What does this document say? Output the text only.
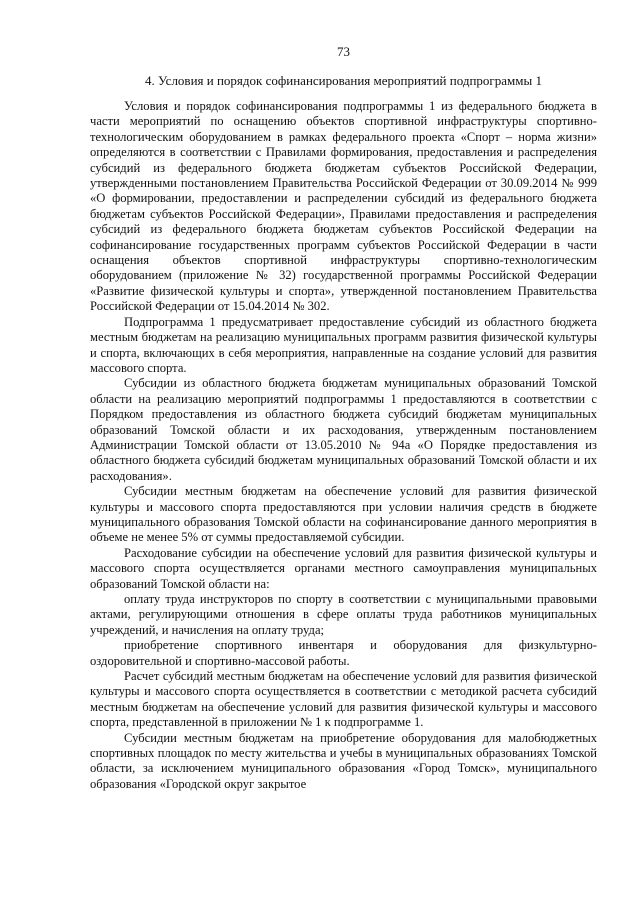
73
4. Условия и порядок софинансирования мероприятий подпрограммы 1

Условия и порядок софинансирования подпрограммы 1 из федерального бюджета в части мероприятий по оснащению объектов спортивной инфраструктуры спортивно-технологическим оборудованием в рамках федерального проекта «Спорт – норма жизни» определяются в соответствии с Правилами формирования, предоставления и распределения субсидий из федерального бюджета бюджетам субъектов Российской Федерации, утвержденными постановлением Правительства Российской Федерации от 30.09.2014 № 999 «О формировании, предоставлении и распределении субсидий из федерального бюджета бюджетам субъектов Российской Федерации», Правилами предоставления и распределения субсидий из федерального бюджета бюджетам субъектов Российской Федерации на софинансирование государственных программ субъектов Российской Федерации в части оснащения объектов спортивной инфраструктуры спортивно-технологическим оборудованием (приложение № 32) государственной программы Российской Федерации «Развитие физической культуры и спорта», утвержденной постановлением Правительства Российской Федерации от 15.04.2014 № 302.

Подпрограмма 1 предусматривает предоставление субсидий из областного бюджета местным бюджетам на реализацию муниципальных программ развития физической культуры и спорта, включающих в себя мероприятия, направленные на создание условий для развития массового спорта.

Субсидии из областного бюджета бюджетам муниципальных образований Томской области на реализацию мероприятий подпрограммы 1 предоставляются в соответствии с Порядком предоставления из областного бюджета субсидий бюджетам муниципальных образований Томской области и их расходования, утвержденным постановлением Администрации Томской области от 13.05.2010 № 94а «О Порядке предоставления из областного бюджета субсидий бюджетам муниципальных образований Томской области и их расходования».

Субсидии местным бюджетам на обеспечение условий для развития физической культуры и массового спорта предоставляются при условии наличия средств в бюджете муниципального образования Томской области на софинансирование данного мероприятия в объеме не менее 5% от суммы предоставляемой субсидии.

Расходование субсидии на обеспечение условий для развития физической культуры и массового спорта осуществляется органами местного самоуправления муниципальных образований Томской области на:

оплату труда инструкторов по спорту в соответствии с муниципальными правовыми актами, регулирующими отношения в сфере оплаты труда работников муниципальных учреждений, и начисления на оплату труда;

приобретение спортивного инвентаря и оборудования для физкультурно-оздоровительной и спортивно-массовой работы.

Расчет субсидий местным бюджетам на обеспечение условий для развития физической культуры и массового спорта осуществляется в соответствии с методикой расчета субсидий местным бюджетам на обеспечение условий для развития физической культуры и массового спорта, представленной в приложении № 1 к подпрограмме 1.

Субсидии местным бюджетам на приобретение оборудования для малобюджетных спортивных площадок по месту жительства и учебы в муниципальных образованиях Томской области, за исключением муниципального образования «Город Томск», муниципального образования «Городской округ закрытое
